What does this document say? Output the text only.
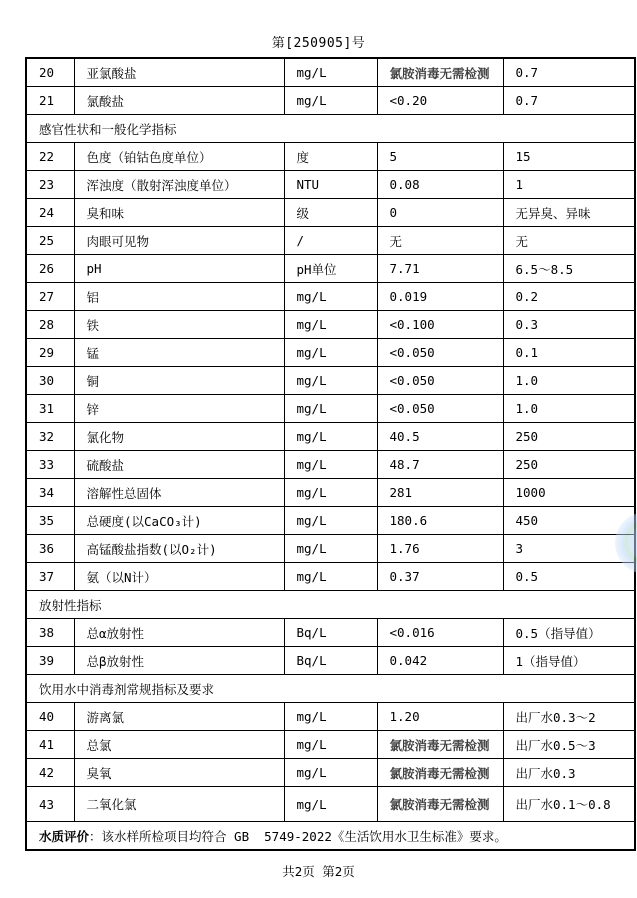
第[250905]号
20	亚氯酸盐	mg/L	氯胺消毒无需检测	0.7
21	氯酸盐	mg/L	<0.20	0.7
感官性状和一般化学指标				
22	色度（铂钴色度单位）	度	5	15
23	浑浊度（散射浑浊度单位）	NTU	0.08	1
24	臭和味	级	0	无异臭、异味
25	肉眼可见物	/	无	无
26	pH	pH单位	7.71	6.5～8.5
27	铝	mg/L	0.019	0.2
28	铁	mg/L	<0.100	0.3
29	锰	mg/L	<0.050	0.1
30	铜	mg/L	<0.050	1.0
31	锌	mg/L	<0.050	1.0
32	氯化物	mg/L	40.5	250
33	硫酸盐	mg/L	48.7	250
34	溶解性总固体	mg/L	281	1000
35	总硬度(以CaCO₃计)	mg/L	180.6	450
36	高锰酸盐指数(以O₂计)	mg/L	1.76	3
37	氨（以N计）	mg/L	0.37	0.5
放射性指标				
38	总α放射性	Bq/L	<0.016	0.5（指导值）
39	总β放射性	Bq/L	0.042	1（指导值）
饮用水中消毒剂常规指标及要求				
40	游离氯	mg/L	1.20	出厂水0.3～2
41	总氯	mg/L	氯胺消毒无需检测	出厂水0.5～3
42	臭氧	mg/L	氯胺消毒无需检测	出厂水0.3
43	二氧化氯	mg/L	氯胺消毒无需检测	出厂水0.1～0.8
水质评价：该水样所检项目均符合 GB  5749-2022《生活饮用水卫生标准》要求。				
共2页 第2页
